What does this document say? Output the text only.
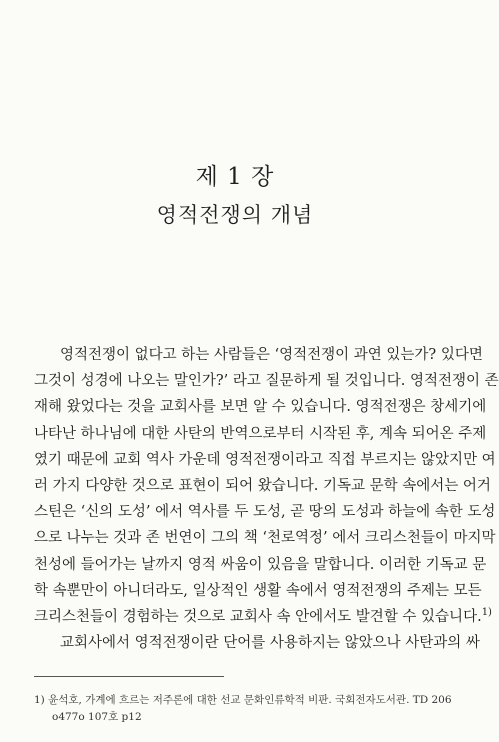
제 1 장
영적전쟁의 개념
영적전쟁이 없다고 하는 사람들은 ‘영적전쟁이 과연 있는가? 있다면
그것이 성경에 나오는 말인가?’ 라고 질문하게 될 것입니다. 영적전쟁이 존
재해 왔었다는 것을 교회사를 보면 알 수 있습니다. 영적전쟁은 창세기에
나타난 하나님에 대한 사탄의 반역으로부터 시작된 후, 계속 되어온 주제
였기 때문에 교회 역사 가운데 영적전쟁이라고 직접 부르지는 않았지만 여
러 가지 다양한 것으로 표현이 되어 왔습니다. 기독교 문학 속에서는 어거
스틴은 ‘신의 도성’ 에서 역사를 두 도성, 곧 땅의 도성과 하늘에 속한 도성
으로 나누는 것과 존 번연이 그의 책 ‘천로역정’ 에서 크리스천들이 마지막
천성에 들어가는 날까지 영적 싸움이 있음을 말합니다. 이러한 기독교 문
학 속뿐만이 아니더라도, 일상적인 생활 속에서 영적전쟁의 주제는 모든
크리스천들이 경험하는 것으로 교회사 속 안에서도 발견할 수 있습니다.$^{1)}$
교회사에서 영적전쟁이란 단어를 사용하지는 않았으나 사탄과의 싸
1) 윤석호, 가계에 흐르는 저주론에 대한 선교 문화인류학적 비판. 국회전자도서관. TD 206
o477o 107호 p12
